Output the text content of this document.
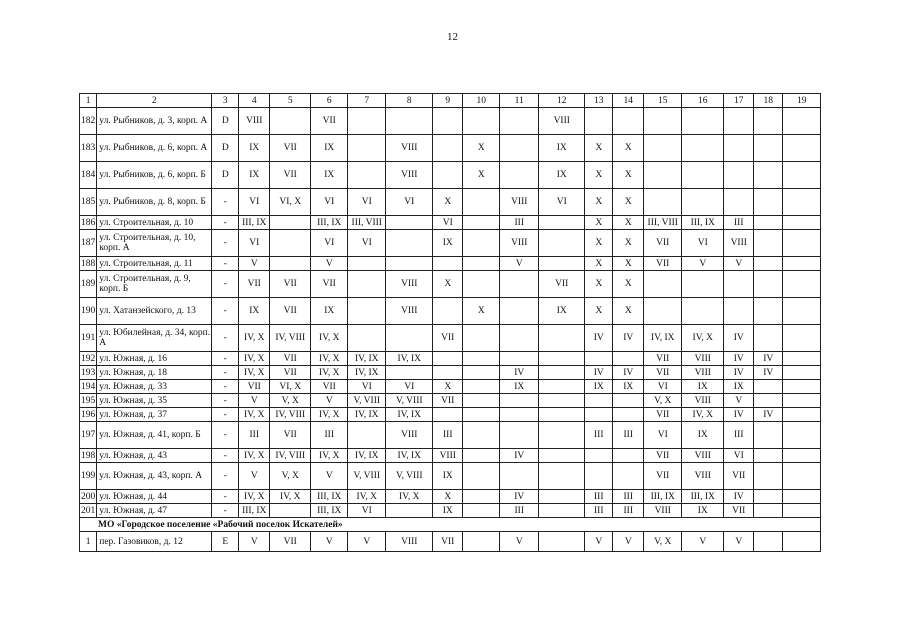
12
1	2	3	4	5	6	7	8	9	10	11	12	13	14	15	16	17	18	19
182	ул. Рыбников, д. 3, корп. А	D	VIII		VII						VIII							
183	ул. Рыбников, д. 6, корп. А	D	IX	VII	IX		VIII		X		IX	X	X					
184	ул. Рыбников, д. 6, корп. Б	D	IX	VII	IX		VIII		X		IX	X	X					
185	ул. Рыбников, д. 8, корп. Б	-	VI	VI, X	VI	VI	VI	X		VIII	VI	X	X					
186	ул. Строительная, д. 10	-	III, IX		III, IX	III, VIII		VI		III		X	X	III, VIII	III, IX	III		
187	ул. Строительная, д. 10, корп. А	-	VI		VI	VI		IX		VIII		X	X	VII	VI	VIII		
188	ул. Строительная, д. 11	-	V		V					V		X	X	VII	V	V		
189	ул. Строительная, д. 9, корп. Б	-	VII	VII	VII		VIII	X			VII	X	X					
190	ул. Хатанзейского, д. 13	-	IX	VII	IX		VIII		X		IX	X	X					
191	ул. Юбилейная, д. 34, корп. А	-	IV, X	IV, VIII	IV, X			VII				IV	IV	IV, IX	IV, X	IV		
192	ул. Южная, д. 16	-	IV, X	VII	IV, X	IV, IX	IV, IX							VII	VIII	IV	IV	
193	ул. Южная, д. 18	-	IV, X	VII	IV, X	IV, IX				IV		IV	IV	VII	VIII	IV	IV	
194	ул. Южная, д. 33	-	VII	VI, X	VII	VI	VI	X		IX		IX	IX	VI	IX	IX		
195	ул. Южная, д. 35	-	V	V, X	V	V, VIII	V, VIII	VII						V, X	VIII	V		
196	ул. Южная, д. 37	-	IV, X	IV, VIII	IV, X	IV, IX	IV, IX							VII	IV, X	IV	IV	
197	ул. Южная, д. 41, корп. Б	-	III	VII	III		VIII	III				III	III	VI	IX	III		
198	ул. Южная, д. 43	-	IV, X	IV, VIII	IV, X	IV, IX	IV, IX	VIII		IV				VII	VIII	VI		
199	ул. Южная, д. 43, корп. А	-	V	V, X	V	V, VIII	V, VIII	IX						VII	VIII	VII		
200	ул. Южная, д. 44	-	IV, X	IV, X	III, IX	IV, X	IV, X	X		IV		III	III	III, IX	III, IX	IV		
201	ул. Южная, д. 47	-	III, IX		III, IX	VI		IX		III		III	III	VIII	IX	VII		
МО «Городское поселение «Рабочий поселок Искателей»																		
1	пер. Газовиков, д. 12	E	V	VII	V	V	VIII	VII		V		V	V	V, X	V	V		
